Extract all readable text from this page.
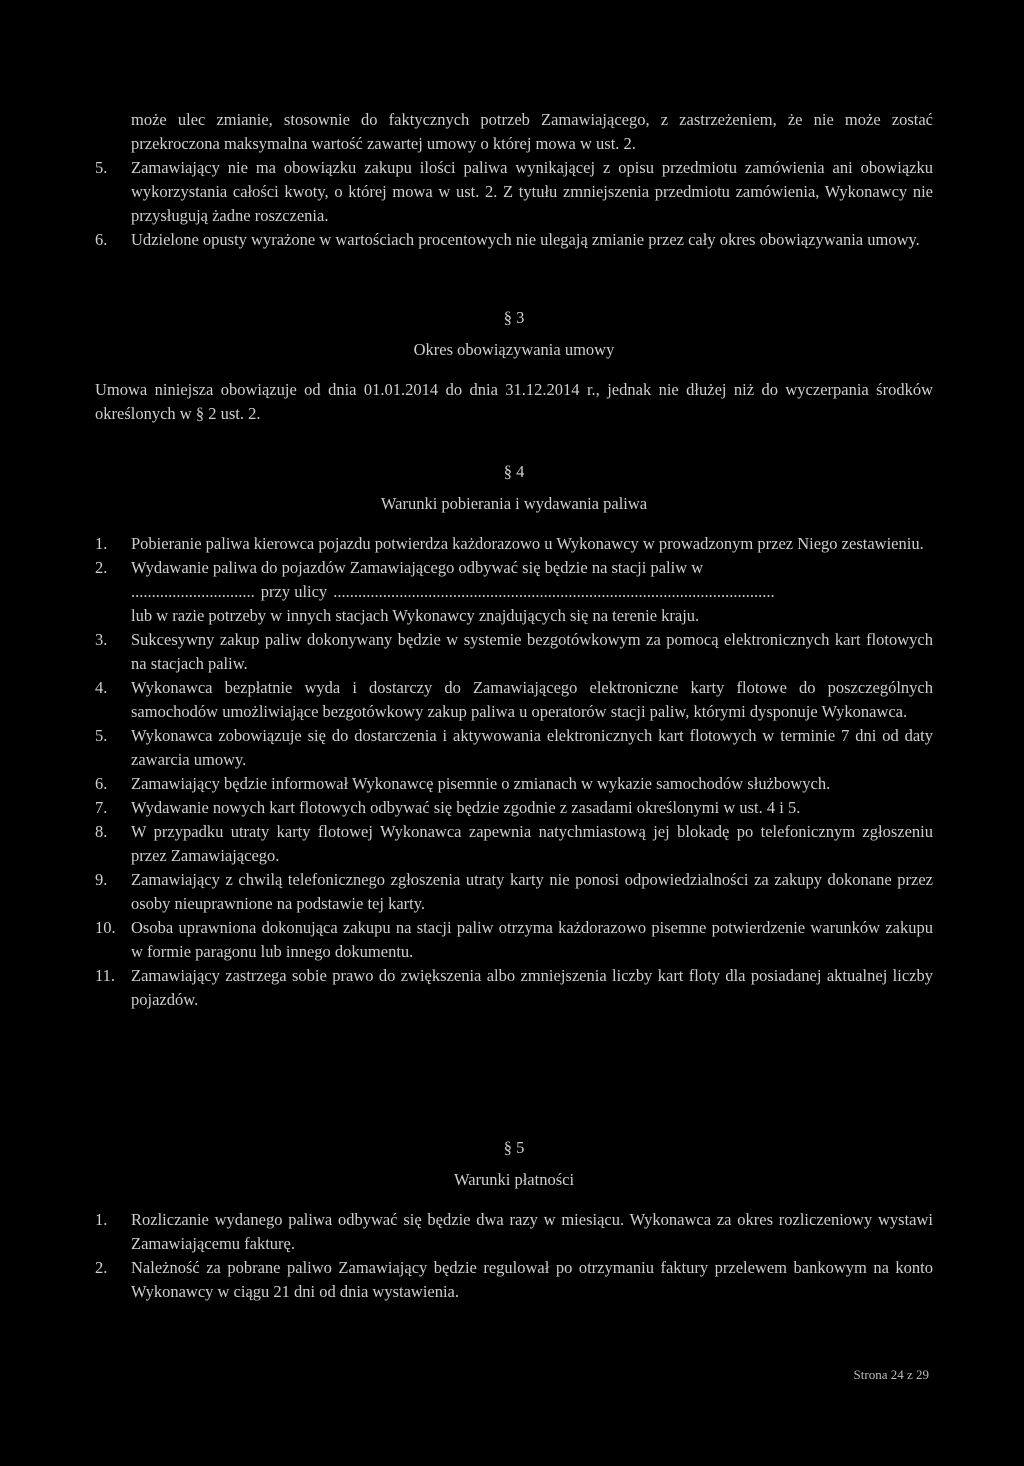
może ulec zmianie, stosownie do faktycznych potrzeb Zamawiającego, z zastrzeżeniem, że nie może zostać przekroczona maksymalna wartość zawartej umowy o której mowa w ust. 2.

5. Zamawiający nie ma obowiązku zakupu ilości paliwa wynikającej z opisu przedmiotu zamówienia ani obowiązku wykorzystania całości kwoty, o której mowa w ust. 2. Z tytułu zmniejszenia przedmiotu zamówienia, Wykonawcy nie przysługują żadne roszczenia.
6. Udzielone opusty wyrażone w wartościach procentowych nie ulegają zmianie przez cały okres obowiązywania umowy.

§ 3

Okres obowiązywania umowy

Umowa niniejsza obowiązuje od dnia 01.01.2014 do dnia 31.12.2014 r., jednak nie dłużej niż do wyczerpania środków określonych w § 2 ust. 2.

§ 4

Warunki pobierania i wydawania paliwa

1. Pobieranie paliwa kierowca pojazdu potwierdza każdorazowo u Wykonawcy w prowadzonym przez Niego zestawieniu.
2. Wydawanie paliwa do pojazdów Zamawiającego odbywać się będzie na stacji paliw w
.............................. przy ulicy ...........................................................................................................
lub w razie potrzeby w innych stacjach Wykonawcy znajdujących się na terenie kraju.
3. Sukcesywny zakup paliw dokonywany będzie w systemie bezgotówkowym za pomocą elektronicznych kart flotowych na stacjach paliw.
4. Wykonawca bezpłatnie wyda i dostarczy do Zamawiającego elektroniczne karty flotowe do poszczególnych samochodów umożliwiające bezgotówkowy zakup paliwa u operatorów stacji paliw, którymi dysponuje Wykonawca.
5. Wykonawca zobowiązuje się do dostarczenia i aktywowania elektronicznych kart flotowych w terminie 7 dni od daty zawarcia umowy.
6. Zamawiający będzie informował Wykonawcę pisemnie o zmianach w wykazie samochodów służbowych.
7. Wydawanie nowych kart flotowych odbywać się będzie zgodnie z zasadami określonymi w ust. 4 i 5.
8. W przypadku utraty karty flotowej Wykonawca zapewnia natychmiastową jej blokadę po telefonicznym zgłoszeniu przez Zamawiającego.
9. Zamawiający z chwilą telefonicznego zgłoszenia utraty karty nie ponosi odpowiedzialności za zakupy dokonane przez osoby nieuprawnione na podstawie tej karty.
10. Osoba uprawniona dokonująca zakupu na stacji paliw otrzyma każdorazowo pisemne potwierdzenie warunków zakupu w formie paragonu lub innego dokumentu.
11. Zamawiający zastrzega sobie prawo do zwiększenia albo zmniejszenia liczby kart floty dla posiadanej aktualnej liczby pojazdów.

§ 5

Warunki płatności

1. Rozliczanie wydanego paliwa odbywać się będzie dwa razy w miesiącu. Wykonawca za okres rozliczeniowy wystawi Zamawiającemu fakturę.
2. Należność za pobrane paliwo Zamawiający będzie regulował po otrzymaniu faktury przelewem bankowym na konto Wykonawcy w ciągu 21 dni od dnia wystawienia.
Strona 24 z 29
